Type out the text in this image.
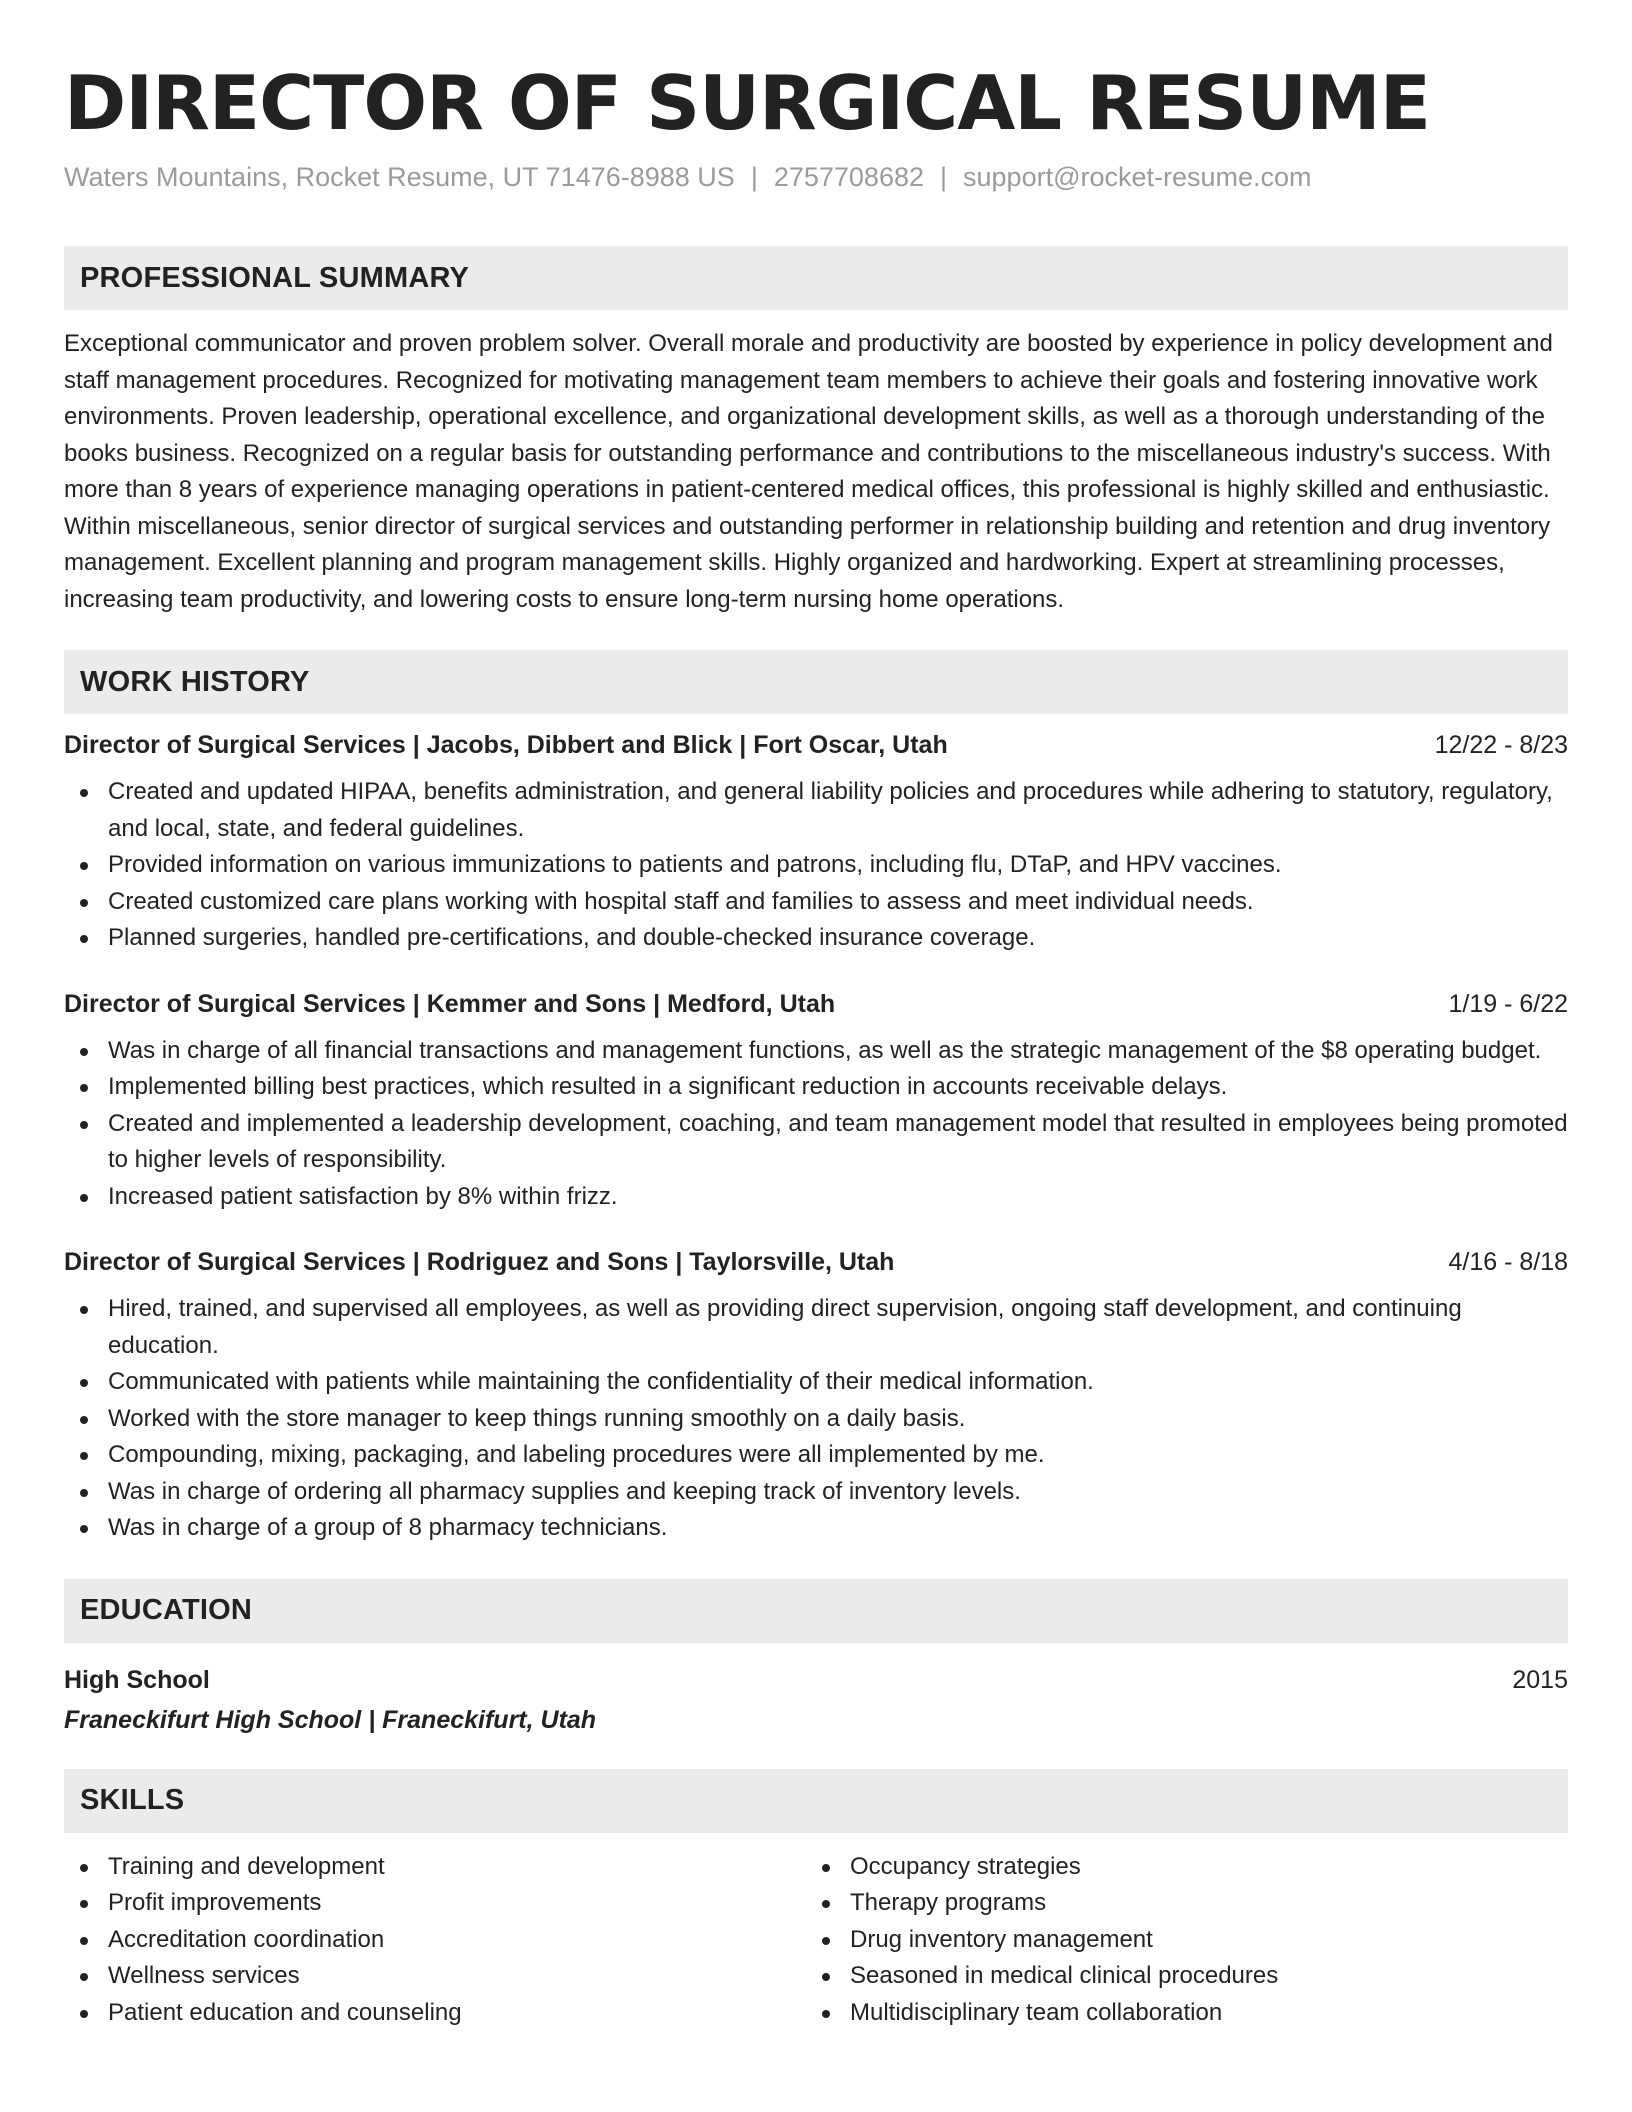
DIRECTOR OF SURGICAL RESUME
Waters Mountains, Rocket Resume, UT 71476-8988 US | 2757708682 | support@rocket-resume.com
PROFESSIONAL SUMMARY
Exceptional communicator and proven problem solver. Overall morale and productivity are boosted by experience in policy development and staff management procedures. Recognized for motivating management team members to achieve their goals and fostering innovative work environments. Proven leadership, operational excellence, and organizational development skills, as well as a thorough understanding of the books business. Recognized on a regular basis for outstanding performance and contributions to the miscellaneous industry's success. With more than 8 years of experience managing operations in patient-centered medical offices, this professional is highly skilled and enthusiastic. Within miscellaneous, senior director of surgical services and outstanding performer in relationship building and retention and drug inventory management. Excellent planning and program management skills. Highly organized and hardworking. Expert at streamlining processes, increasing team productivity, and lowering costs to ensure long-term nursing home operations.
WORK HISTORY
Director of Surgical Services | Jacobs, Dibbert and Blick | Fort Oscar, Utah	12/22 - 8/23
Created and updated HIPAA, benefits administration, and general liability policies and procedures while adhering to statutory, regulatory, and local, state, and federal guidelines.
Provided information on various immunizations to patients and patrons, including flu, DTaP, and HPV vaccines.
Created customized care plans working with hospital staff and families to assess and meet individual needs.
Planned surgeries, handled pre-certifications, and double-checked insurance coverage.
Director of Surgical Services | Kemmer and Sons | Medford, Utah	1/19 - 6/22
Was in charge of all financial transactions and management functions, as well as the strategic management of the $8 operating budget.
Implemented billing best practices, which resulted in a significant reduction in accounts receivable delays.
Created and implemented a leadership development, coaching, and team management model that resulted in employees being promoted to higher levels of responsibility.
Increased patient satisfaction by 8% within frizz.
Director of Surgical Services | Rodriguez and Sons | Taylorsville, Utah	4/16 - 8/18
Hired, trained, and supervised all employees, as well as providing direct supervision, ongoing staff development, and continuing education.
Communicated with patients while maintaining the confidentiality of their medical information.
Worked with the store manager to keep things running smoothly on a daily basis.
Compounding, mixing, packaging, and labeling procedures were all implemented by me.
Was in charge of ordering all pharmacy supplies and keeping track of inventory levels.
Was in charge of a group of 8 pharmacy technicians.
EDUCATION
High School	2015
Franeckifurt High School | Franeckifurt, Utah
SKILLS
Training and development
Profit improvements
Accreditation coordination
Wellness services
Patient education and counseling
Occupancy strategies
Therapy programs
Drug inventory management
Seasoned in medical clinical procedures
Multidisciplinary team collaboration
